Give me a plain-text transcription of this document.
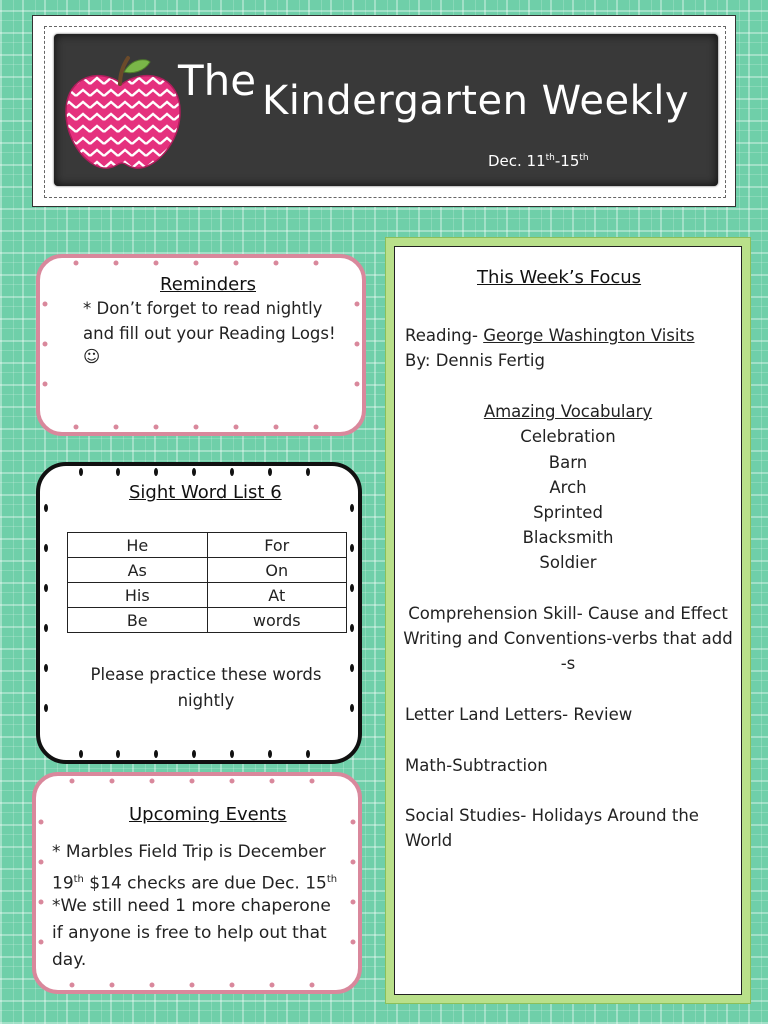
The Kindergarten Weekly
Dec. 11th-15th
Reminders
* Don’t forget to read nightly
and fill out your Reading Logs!
☺
Sight Word List 6
He	For
As	On
His	At
Be	words
Please practice these words
nightly
Upcoming Events
* Marbles Field Trip is December
19th $14 checks are due Dec. 15th
*We still need 1 more chaperone
if anyone is free to help out that
day.
This Week’s Focus
Reading- George Washington Visits
By: Dennis Fertig
Amazing Vocabulary
Celebration
Barn
Arch
Sprinted
Blacksmith
Soldier
Comprehension Skill- Cause and Effect
Writing and Conventions-verbs that add
-s
Letter Land Letters- Review
Math-Subtraction
Social Studies- Holidays Around the
World
